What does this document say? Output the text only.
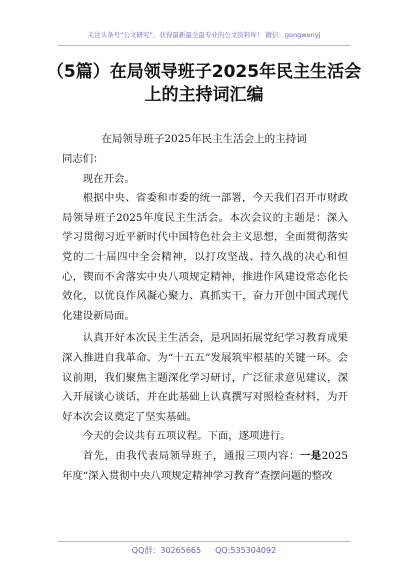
关注头条号“公文研究”，获得最新最全最专业的公文资料库！ 微信：gongwenyj
（5篇）在局领导班子2025年民主生活会
上的主持词汇编
在局领导班子2025年民主生活会上的主持词

同志们：

现在开会。

根据中央、省委和市委的统一部署，今天我们召开市财政局领导班子2025年度民主生活会。本次会议的主题是：深入学习贯彻习近平新时代中国特色社会主义思想，全面贯彻落实党的二十届四中全会精神，以打攻坚战、持久战的决心和恒心，锲而不舍落实中央八项规定精神，推进作风建设常态化长效化，以优良作风凝心聚力、真抓实干，奋力开创中国式现代化建设新局面。

认真开好本次民主生活会，是巩固拓展党纪学习教育成果深入推进自我革命、为“十五五”发展筑牢根基的关键一环。会议前期，我们聚焦主题深化学习研讨，广泛征求意见建议，深入开展谈心谈话，并在此基础上认真撰写对照检查材料，为开好本次会议奠定了坚实基础。

今天的会议共有五项议程。下面，逐项进行。

首先，由我代表局领导班子，通报三项内容：一是2025年度“深入贯彻中央八项规定精神学习教育”查摆问题的整改

QQ群：30265665 QQ:535304092
